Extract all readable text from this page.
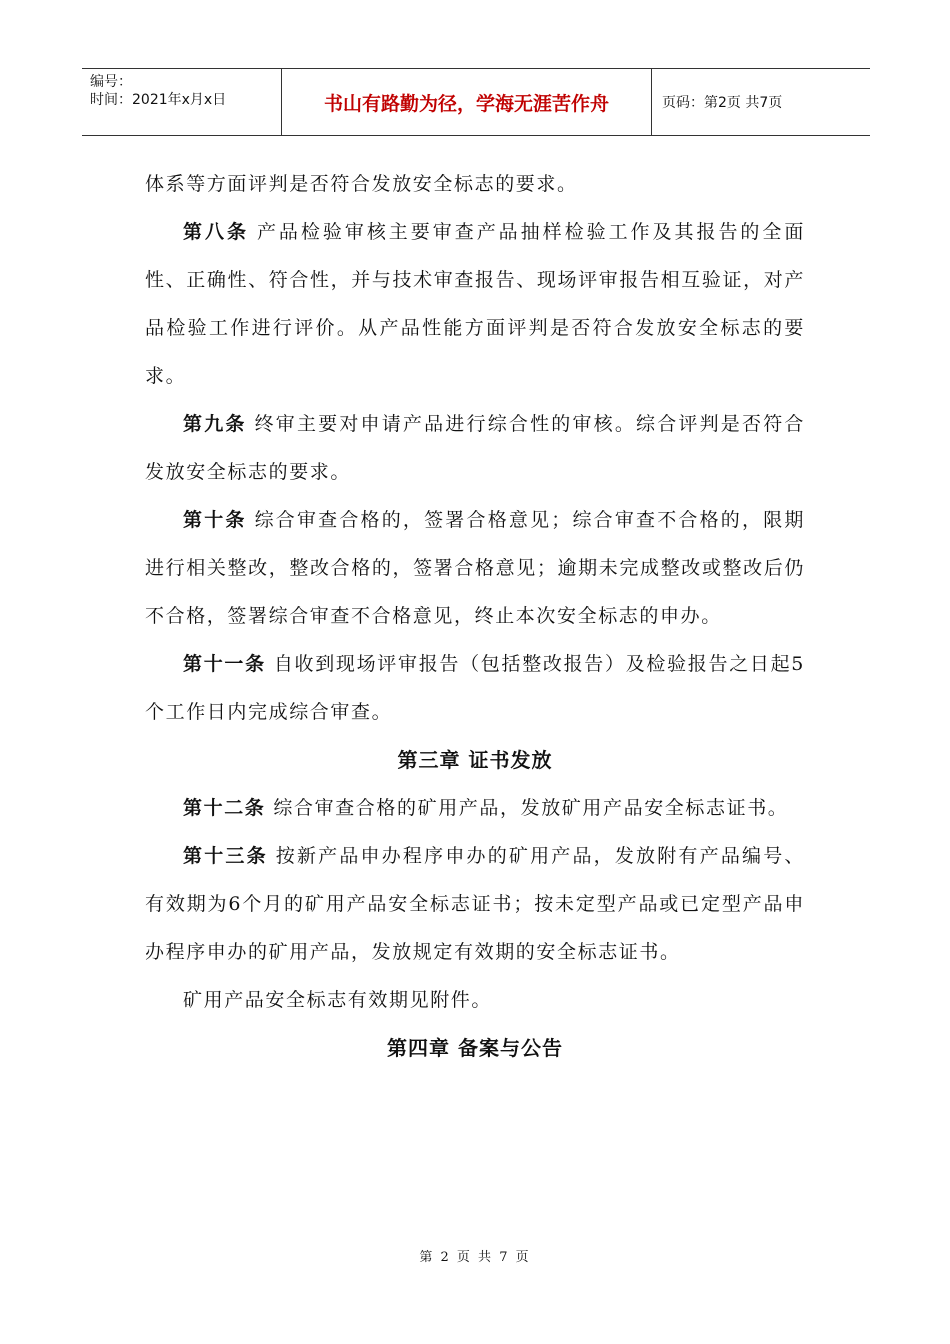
编号：
时间：2021年x月x日	书山有路勤为径，学海无涯苦作舟	页码：第2页 共7页

体系等方面评判是否符合发放安全标志的要求。

第八条 产品检验审核主要审查产品抽样检验工作及其报告的全面性、正确性、符合性，并与技术审查报告、现场评审报告相互验证，对产品检验工作进行评价。从产品性能方面评判是否符合发放安全标志的要求。

第九条 终审主要对申请产品进行综合性的审核。综合评判是否符合发放安全标志的要求。

第十条 综合审查合格的，签署合格意见；综合审查不合格的，限期进行相关整改，整改合格的，签署合格意见；逾期未完成整改或整改后仍不合格，签署综合审查不合格意见，终止本次安全标志的申办。

第十一条 自收到现场评审报告（包括整改报告）及检验报告之日起5个工作日内完成综合审查。

第三章 证书发放

第十二条 综合审查合格的矿用产品，发放矿用产品安全标志证书。

第十三条 按新产品申办程序申办的矿用产品，发放附有产品编号、有效期为6个月的矿用产品安全标志证书；按未定型产品或已定型产品申办程序申办的矿用产品，发放规定有效期的安全标志证书。

矿用产品安全标志有效期见附件。

第四章 备案与公告

第 2 页 共 7 页
